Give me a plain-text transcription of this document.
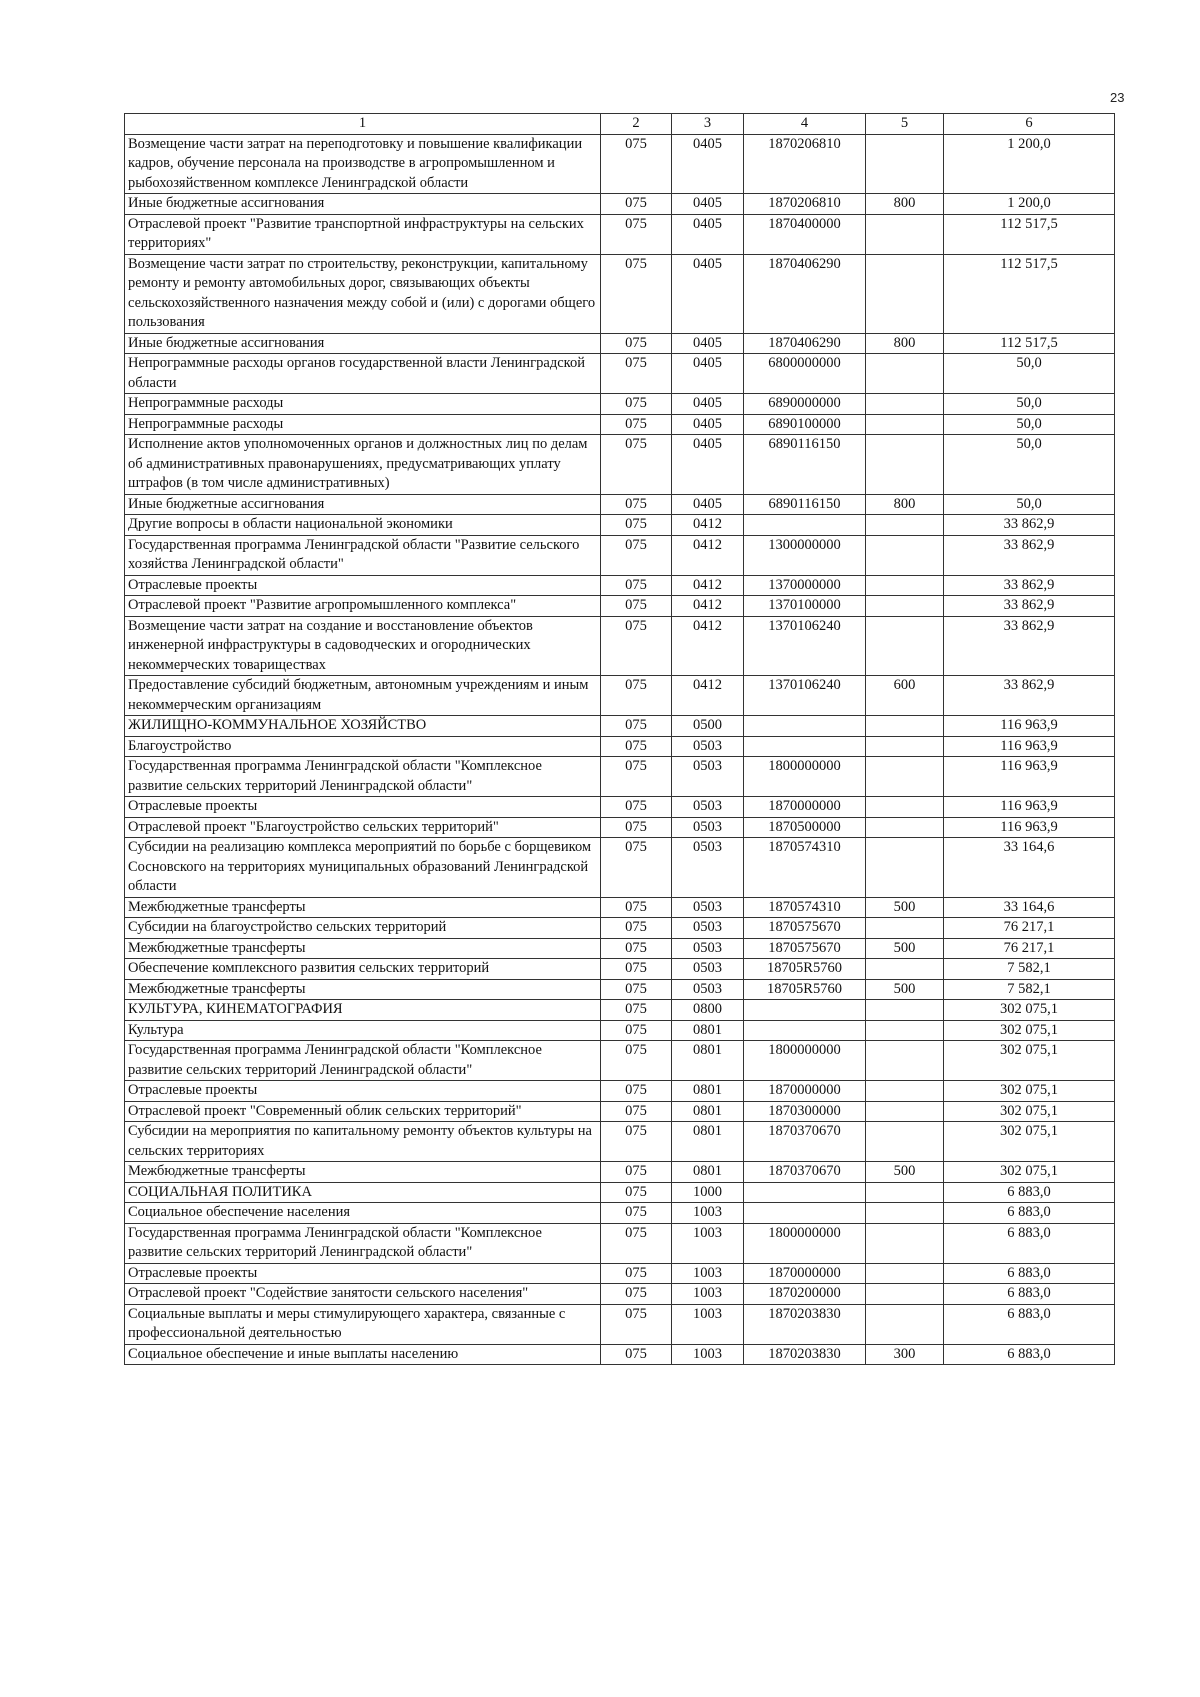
23
1	2	3	4	5	6
Возмещение части затрат на переподготовку и повышение квалификации кадров, обучение персонала на производстве в агропромышленном и рыбохозяйственном комплексе Ленинградской области	075	0405	1870206810		1 200,0
Иные бюджетные ассигнования	075	0405	1870206810	800	1 200,0
Отраслевой проект "Развитие транспортной инфраструктуры на сельских территориях"	075	0405	1870400000		112 517,5
Возмещение части затрат по строительству, реконструкции, капитальному ремонту и ремонту автомобильных дорог, связывающих объекты сельскохозяйственного назначения между собой и (или) с дорогами общего пользования	075	0405	1870406290		112 517,5
Иные бюджетные ассигнования	075	0405	1870406290	800	112 517,5
Непрограммные расходы органов государственной власти Ленинградской области	075	0405	6800000000		50,0
Непрограммные расходы	075	0405	6890000000		50,0
Непрограммные расходы	075	0405	6890100000		50,0
Исполнение актов уполномоченных органов и должностных лиц по делам об административных правонарушениях, предусматривающих уплату штрафов (в том числе административных)	075	0405	6890116150		50,0
Иные бюджетные ассигнования	075	0405	6890116150	800	50,0
Другие вопросы в области национальной экономики	075	0412			33 862,9
Государственная программа Ленинградской области "Развитие сельского хозяйства Ленинградской области"	075	0412	1300000000		33 862,9
Отраслевые проекты	075	0412	1370000000		33 862,9
Отраслевой проект "Развитие агропромышленного комплекса"	075	0412	1370100000		33 862,9
Возмещение части затрат на создание и восстановление объектов инженерной инфраструктуры в садоводческих и огороднических некоммерческих товариществах	075	0412	1370106240		33 862,9
Предоставление субсидий бюджетным, автономным учреждениям и иным некоммерческим организациям	075	0412	1370106240	600	33 862,9
ЖИЛИЩНО-КОММУНАЛЬНОЕ ХОЗЯЙСТВО	075	0500			116 963,9
Благоустройство	075	0503			116 963,9
Государственная программа Ленинградской области "Комплексное развитие сельских территорий Ленинградской области"	075	0503	1800000000		116 963,9
Отраслевые проекты	075	0503	1870000000		116 963,9
Отраслевой проект "Благоустройство сельских территорий"	075	0503	1870500000		116 963,9
Субсидии на реализацию комплекса мероприятий по борьбе с борщевиком Сосновского на территориях муниципальных образований Ленинградской области	075	0503	1870574310		33 164,6
Межбюджетные трансферты	075	0503	1870574310	500	33 164,6
Субсидии на благоустройство сельских территорий	075	0503	1870575670		76 217,1
Межбюджетные трансферты	075	0503	1870575670	500	76 217,1
Обеспечение комплексного развития сельских территорий	075	0503	18705R5760		7 582,1
Межбюджетные трансферты	075	0503	18705R5760	500	7 582,1
КУЛЬТУРА, КИНЕМАТОГРАФИЯ	075	0800			302 075,1
Культура	075	0801			302 075,1
Государственная программа Ленинградской области "Комплексное развитие сельских территорий Ленинградской области"	075	0801	1800000000		302 075,1
Отраслевые проекты	075	0801	1870000000		302 075,1
Отраслевой проект "Современный облик сельских территорий"	075	0801	1870300000		302 075,1
Субсидии на мероприятия по капитальному ремонту объектов культуры на сельских территориях	075	0801	1870370670		302 075,1
Межбюджетные трансферты	075	0801	1870370670	500	302 075,1
СОЦИАЛЬНАЯ ПОЛИТИКА	075	1000			6 883,0
Социальное обеспечение населения	075	1003			6 883,0
Государственная программа Ленинградской области "Комплексное развитие сельских территорий Ленинградской области"	075	1003	1800000000		6 883,0
Отраслевые проекты	075	1003	1870000000		6 883,0
Отраслевой проект "Содействие занятости сельского населения"	075	1003	1870200000		6 883,0
Социальные выплаты и меры стимулирующего характера, связанные с профессиональной деятельностью	075	1003	1870203830		6 883,0
Социальное обеспечение и иные выплаты населению	075	1003	1870203830	300	6 883,0
